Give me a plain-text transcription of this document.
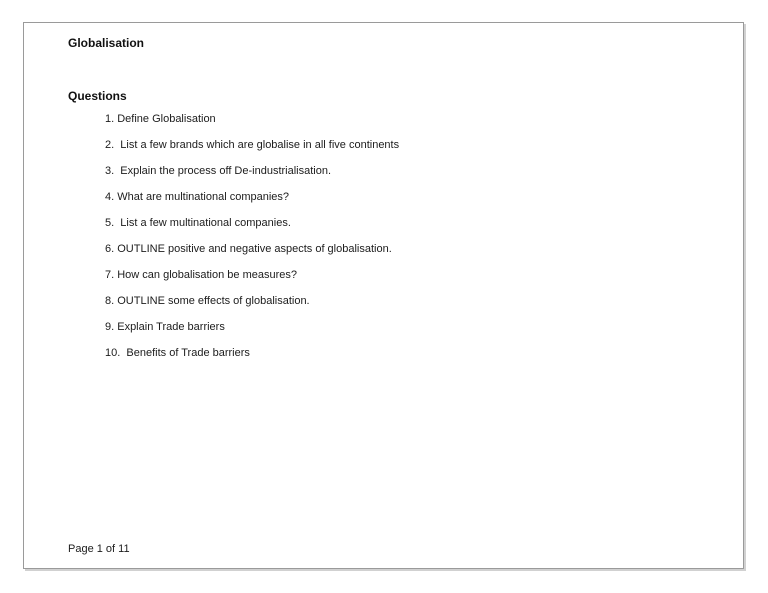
Globalisation
Questions
1. Define Globalisation
2.  List a few brands which are globalise in all five continents
3.  Explain the process off De-industrialisation.
4. What are multinational companies?
5.  List a few multinational companies.
6. OUTLINE positive and negative aspects of globalisation.
7. How can globalisation be measures?
8. OUTLINE some effects of globalisation.
9. Explain Trade barriers
10.  Benefits of Trade barriers
Page 1 of 11
